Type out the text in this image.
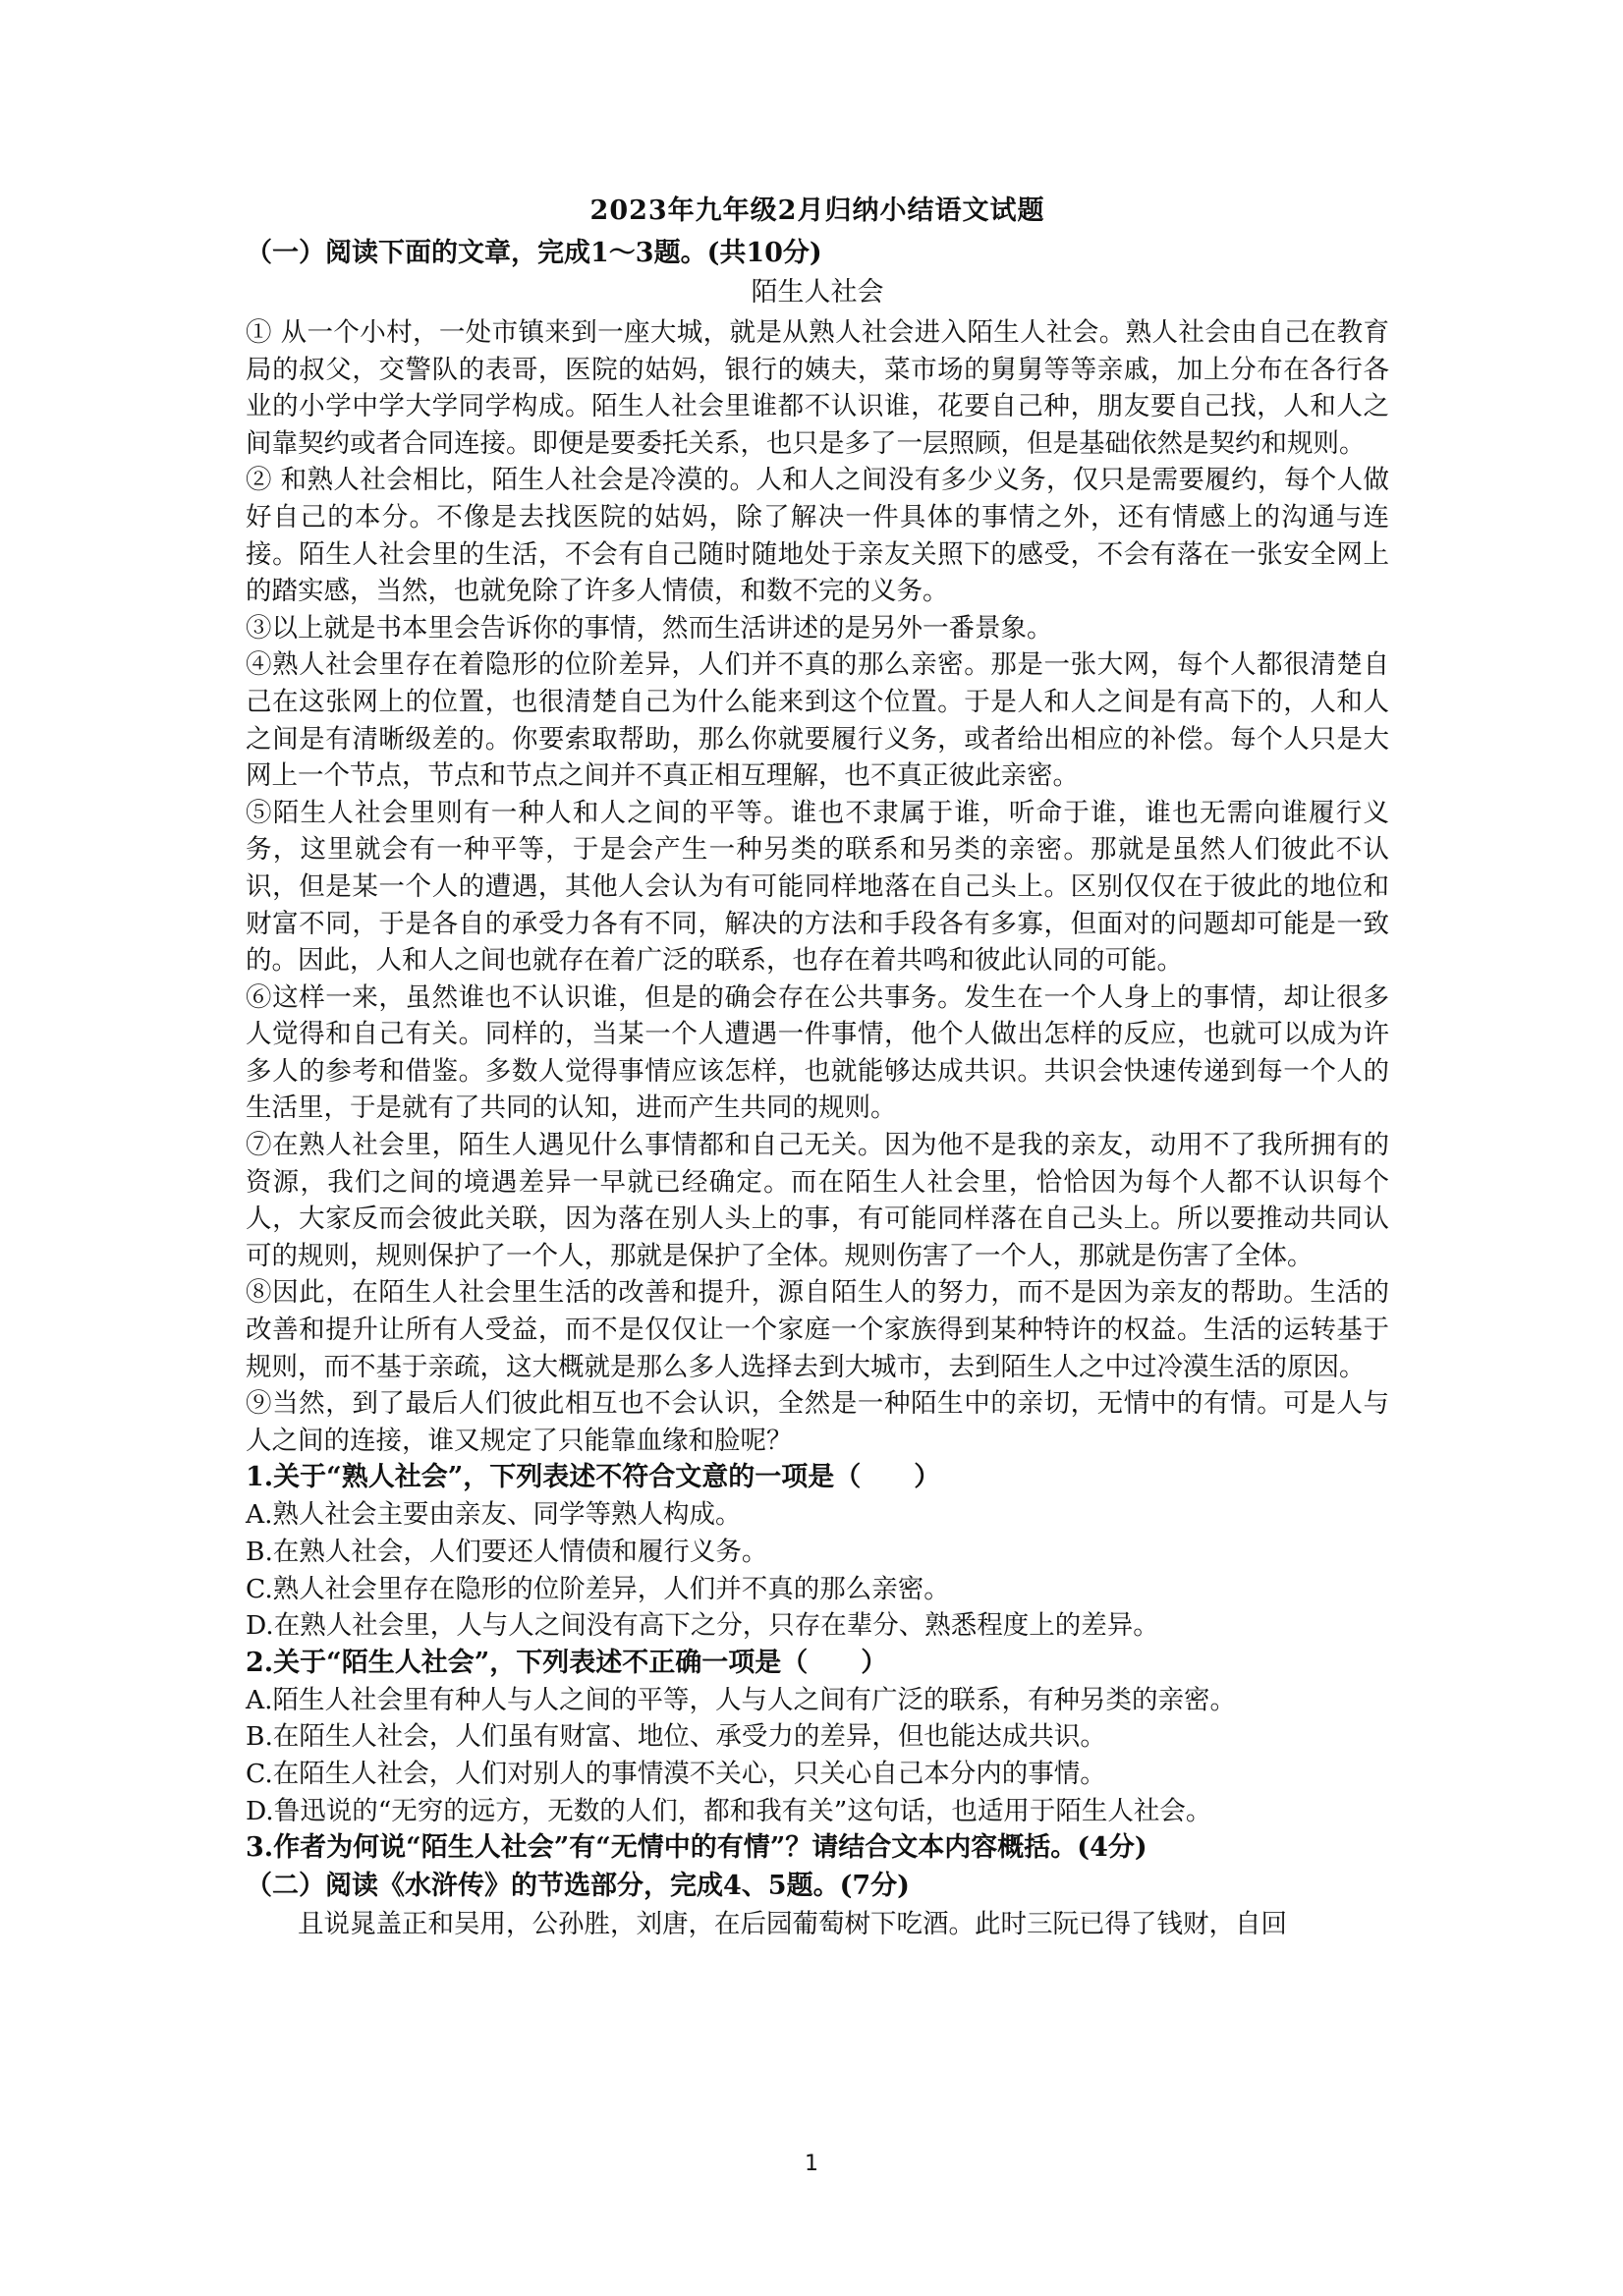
2023年九年级2月归纳小结语文试题

（一）阅读下面的文章，完成1～3题。(共10分)

陌生人社会

① 从一个小村，一处市镇来到一座大城，就是从熟人社会进入陌生人社会。熟人社会由自己在教育局的叔父，交警队的表哥，医院的姑妈，银行的姨夫，菜市场的舅舅等等亲戚，加上分布在各行各业的小学中学大学同学构成。陌生人社会里谁都不认识谁，花要自己种，朋友要自己找，人和人之间靠契约或者合同连接。即便是要委托关系，也只是多了一层照顾，但是基础依然是契约和规则。

② 和熟人社会相比，陌生人社会是冷漠的。人和人之间没有多少义务，仅只是需要履约，每个人做好自己的本分。不像是去找医院的姑妈，除了解决一件具体的事情之外，还有情感上的沟通与连接。陌生人社会里的生活，不会有自己随时随地处于亲友关照下的感受，不会有落在一张安全网上的踏实感，当然，也就免除了许多人情债，和数不完的义务。

③以上就是书本里会告诉你的事情，然而生活讲述的是另外一番景象。

④熟人社会里存在着隐形的位阶差异，人们并不真的那么亲密。那是一张大网，每个人都很清楚自己在这张网上的位置，也很清楚自己为什么能来到这个位置。于是人和人之间是有高下的，人和人之间是有清晰级差的。你要索取帮助，那么你就要履行义务，或者给出相应的补偿。每个人只是大网上一个节点，节点和节点之间并不真正相互理解，也不真正彼此亲密。

⑤陌生人社会里则有一种人和人之间的平等。谁也不隶属于谁，听命于谁，谁也无需向谁履行义务，这里就会有一种平等，于是会产生一种另类的联系和另类的亲密。那就是虽然人们彼此不认识，但是某一个人的遭遇，其他人会认为有可能同样地落在自己头上。区别仅仅在于彼此的地位和财富不同，于是各自的承受力各有不同，解决的方法和手段各有多寡，但面对的问题却可能是一致的。因此，人和人之间也就存在着广泛的联系，也存在着共鸣和彼此认同的可能。

⑥这样一来，虽然谁也不认识谁，但是的确会存在公共事务。发生在一个人身上的事情，却让很多人觉得和自己有关。同样的，当某一个人遭遇一件事情，他个人做出怎样的反应，也就可以成为许多人的参考和借鉴。多数人觉得事情应该怎样，也就能够达成共识。共识会快速传递到每一个人的生活里，于是就有了共同的认知，进而产生共同的规则。

⑦在熟人社会里，陌生人遇见什么事情都和自己无关。因为他不是我的亲友，动用不了我所拥有的资源，我们之间的境遇差异一早就已经确定。而在陌生人社会里，恰恰因为每个人都不认识每个人，大家反而会彼此关联，因为落在别人头上的事，有可能同样落在自己头上。所以要推动共同认可的规则，规则保护了一个人，那就是保护了全体。规则伤害了一个人，那就是伤害了全体。

⑧因此，在陌生人社会里生活的改善和提升，源自陌生人的努力，而不是因为亲友的帮助。生活的改善和提升让所有人受益，而不是仅仅让一个家庭一个家族得到某种特许的权益。生活的运转基于规则，而不基于亲疏，这大概就是那么多人选择去到大城市，去到陌生人之中过冷漠生活的原因。

⑨当然，到了最后人们彼此相互也不会认识，全然是一种陌生中的亲切，无情中的有情。可是人与人之间的连接，谁又规定了只能靠血缘和脸呢？

1.关于“熟人社会”，下列表述不符合文意的一项是（　　）

A.熟人社会主要由亲友、同学等熟人构成。

B.在熟人社会，人们要还人情债和履行义务。

C.熟人社会里存在隐形的位阶差异，人们并不真的那么亲密。

D.在熟人社会里，人与人之间没有高下之分，只存在辈分、熟悉程度上的差异。

2.关于“陌生人社会”，下列表述不正确一项是（　　）

A.陌生人社会里有种人与人之间的平等，人与人之间有广泛的联系，有种另类的亲密。

B.在陌生人社会，人们虽有财富、地位、承受力的差异，但也能达成共识。

C.在陌生人社会，人们对别人的事情漠不关心，只关心自己本分内的事情。

D.鲁迅说的“无穷的远方，无数的人们，都和我有关”这句话，也适用于陌生人社会。

3.作者为何说“陌生人社会”有“无情中的有情”？请结合文本内容概括。(4分)

（二）阅读《水浒传》的节选部分，完成4、5题。(7分)

且说晁盖正和吴用，公孙胜，刘唐，在后园葡萄树下吃酒。此时三阮已得了钱财，自回

1
